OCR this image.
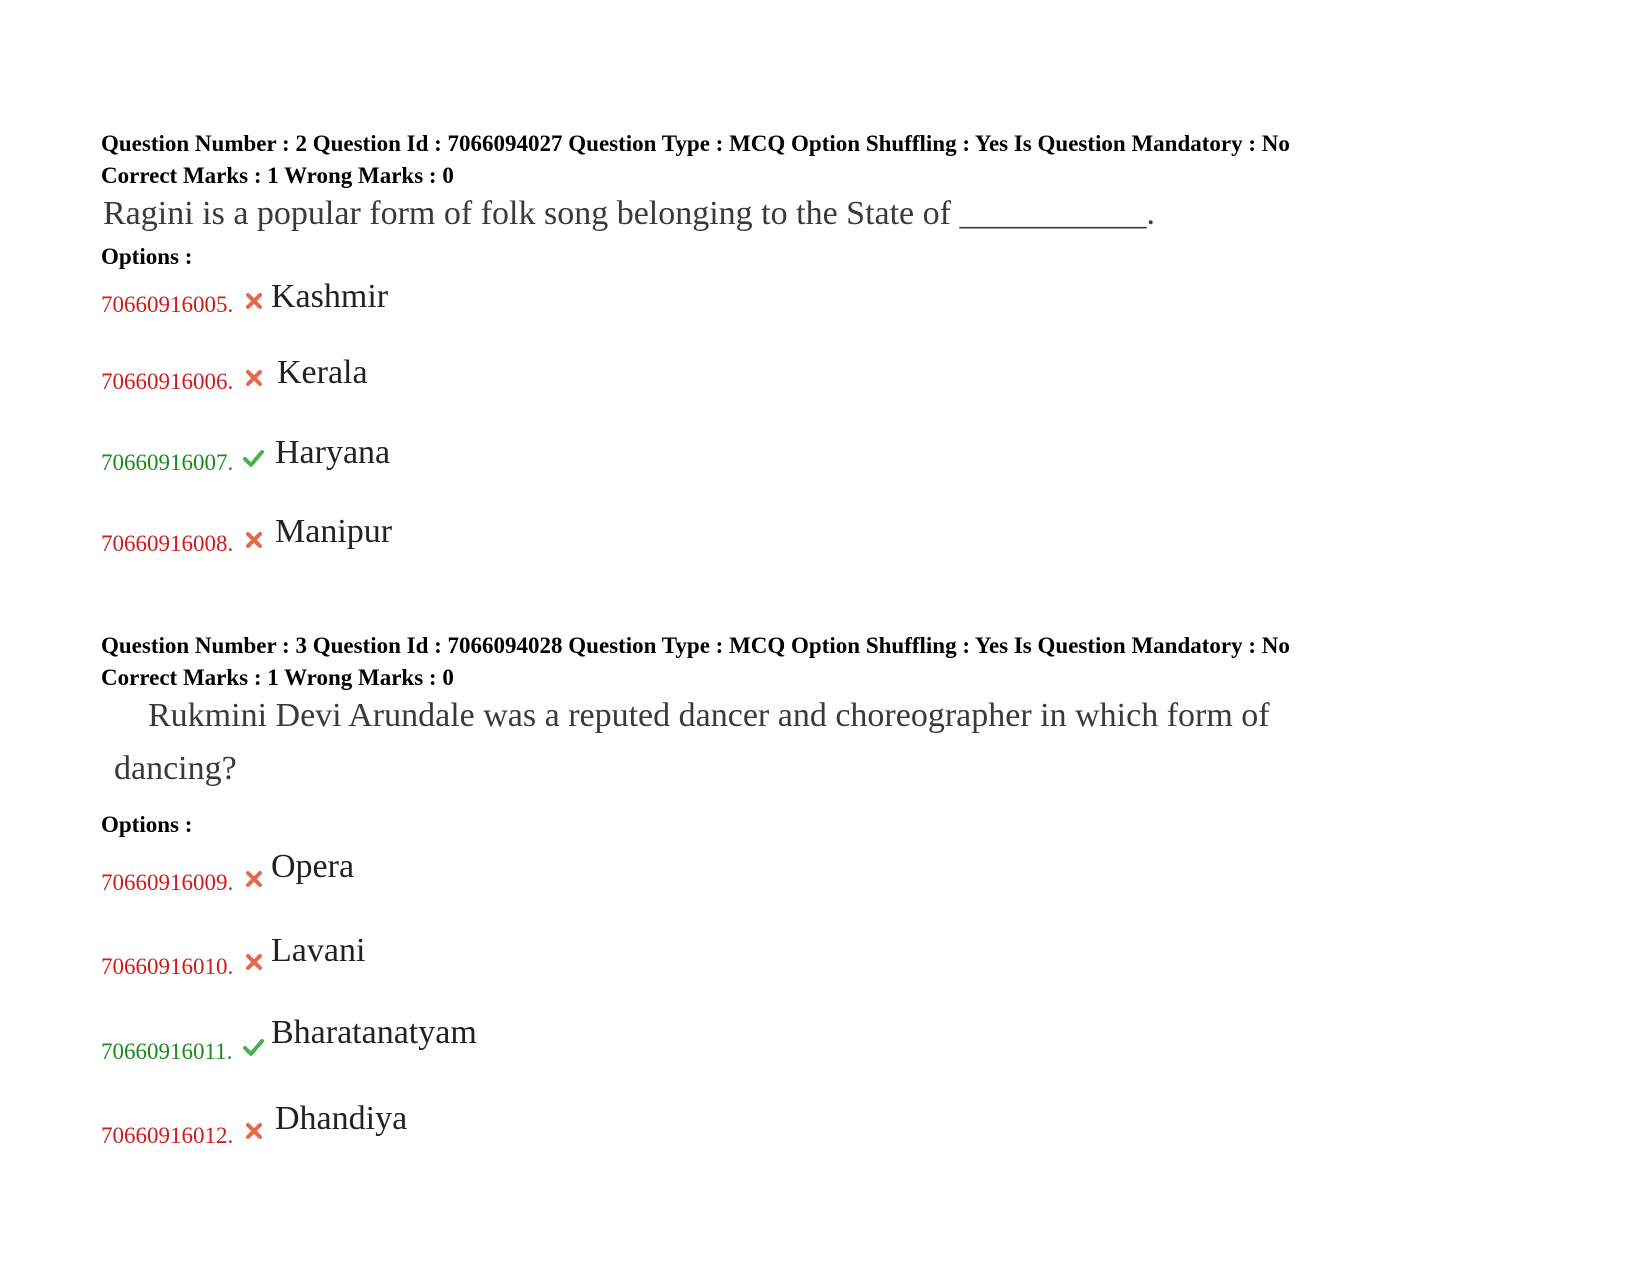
Question Number : 2 Question Id : 7066094027 Question Type : MCQ Option Shuffling : Yes Is Question Mandatory : No
Correct Marks : 1 Wrong Marks : 0
Ragini is a popular form of folk song belonging to the State of ___________.
Options :
70660916005. Kashmir
70660916006. Kerala
70660916007. Haryana
70660916008. Manipur
Question Number : 3 Question Id : 7066094028 Question Type : MCQ Option Shuffling : Yes Is Question Mandatory : No
Correct Marks : 1 Wrong Marks : 0
Rukmini Devi Arundale was a reputed dancer and choreographer in which form of
dancing?
Options :
70660916009. Opera
70660916010. Lavani
70660916011.
Bharatanatyam
70660916012. Dhandiya
